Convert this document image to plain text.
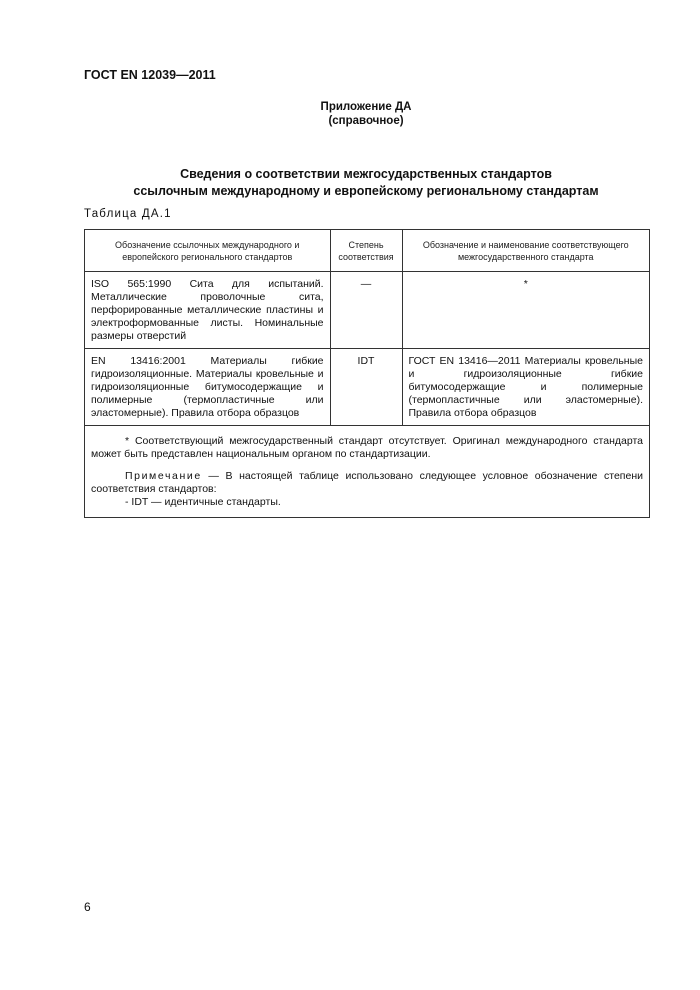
ГОСТ EN 12039—2011
Приложение ДА
(справочное)
Сведения о соответствии межгосударственных стандартов
ссылочным международному и европейскому региональному стандартам
Таблица ДА.1
Обозначение ссылочных международного и европейского регионального стандартов	Степень соответствия	Обозначение и наименование соответствующего межгосударственного стандарта
ISO 565:1990 Сита для испытаний. Металлические проволочные сита, перфорированные металлические пластины и электроформованные листы. Номинальные размеры отверстий	—	*
EN 13416:2001 Материалы гибкие гидроизоляционные. Материалы кровельные и гидроизоляционные битумосодержащие и полимерные (термопластичные или эластомерные). Правила отбора образцов	IDT	ГОСТ EN 13416—2011 Материалы кровельные и гидроизоляционные гибкие битумосодержащие и полимерные (термопластичные или эластомерные). Правила отбора образцов

* Соответствующий межгосударственный стандарт отсутствует. Оригинал международного стандарта может быть представлен национальным органом по стандартизации.

Примечание — В настоящей таблице использовано следующее условное обозначение степени соответствия стандартов:

- IDT — идентичные стандарты.		

6
